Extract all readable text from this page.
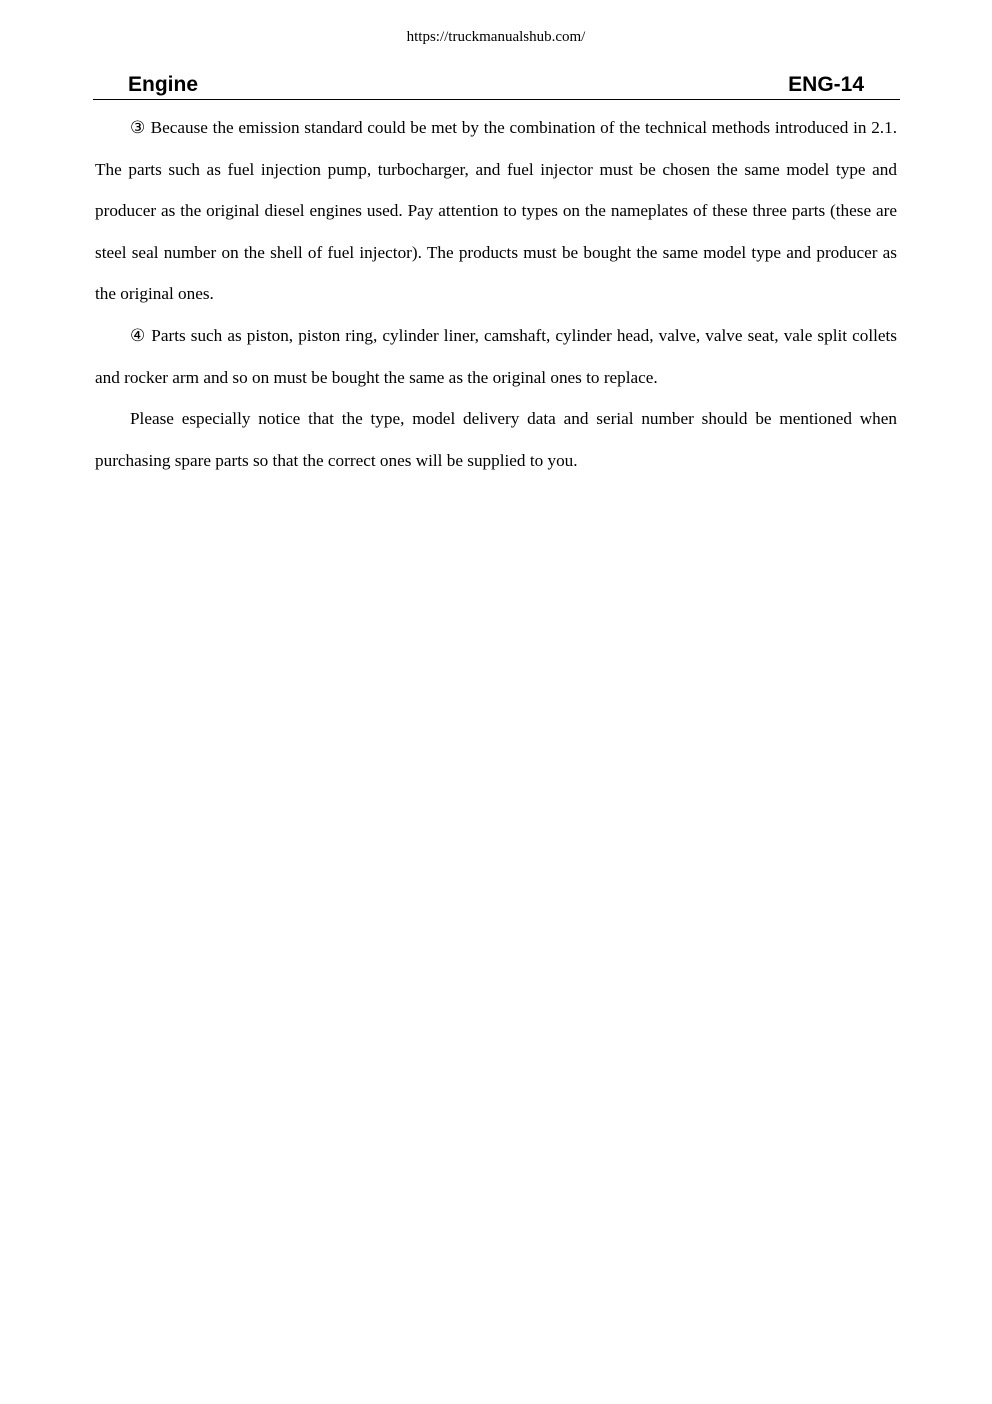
https://truckmanualshub.com/
Engine	ENG-14

③ Because the emission standard could be met by the combination of the technical methods introduced in 2.1. The parts such as fuel injection pump, turbocharger, and fuel injector must be chosen the same model type and producer as the original diesel engines used. Pay attention to types on the nameplates of these three parts (these are steel seal number on the shell of fuel injector). The products must be bought the same model type and producer as the original ones.

④ Parts such as piston, piston ring, cylinder liner, camshaft, cylinder head, valve, valve seat, vale split collets and rocker arm and so on must be bought the same as the original ones to replace.

Please especially notice that the type, model delivery data and serial number should be mentioned when purchasing spare parts so that the correct ones will be supplied to you.
